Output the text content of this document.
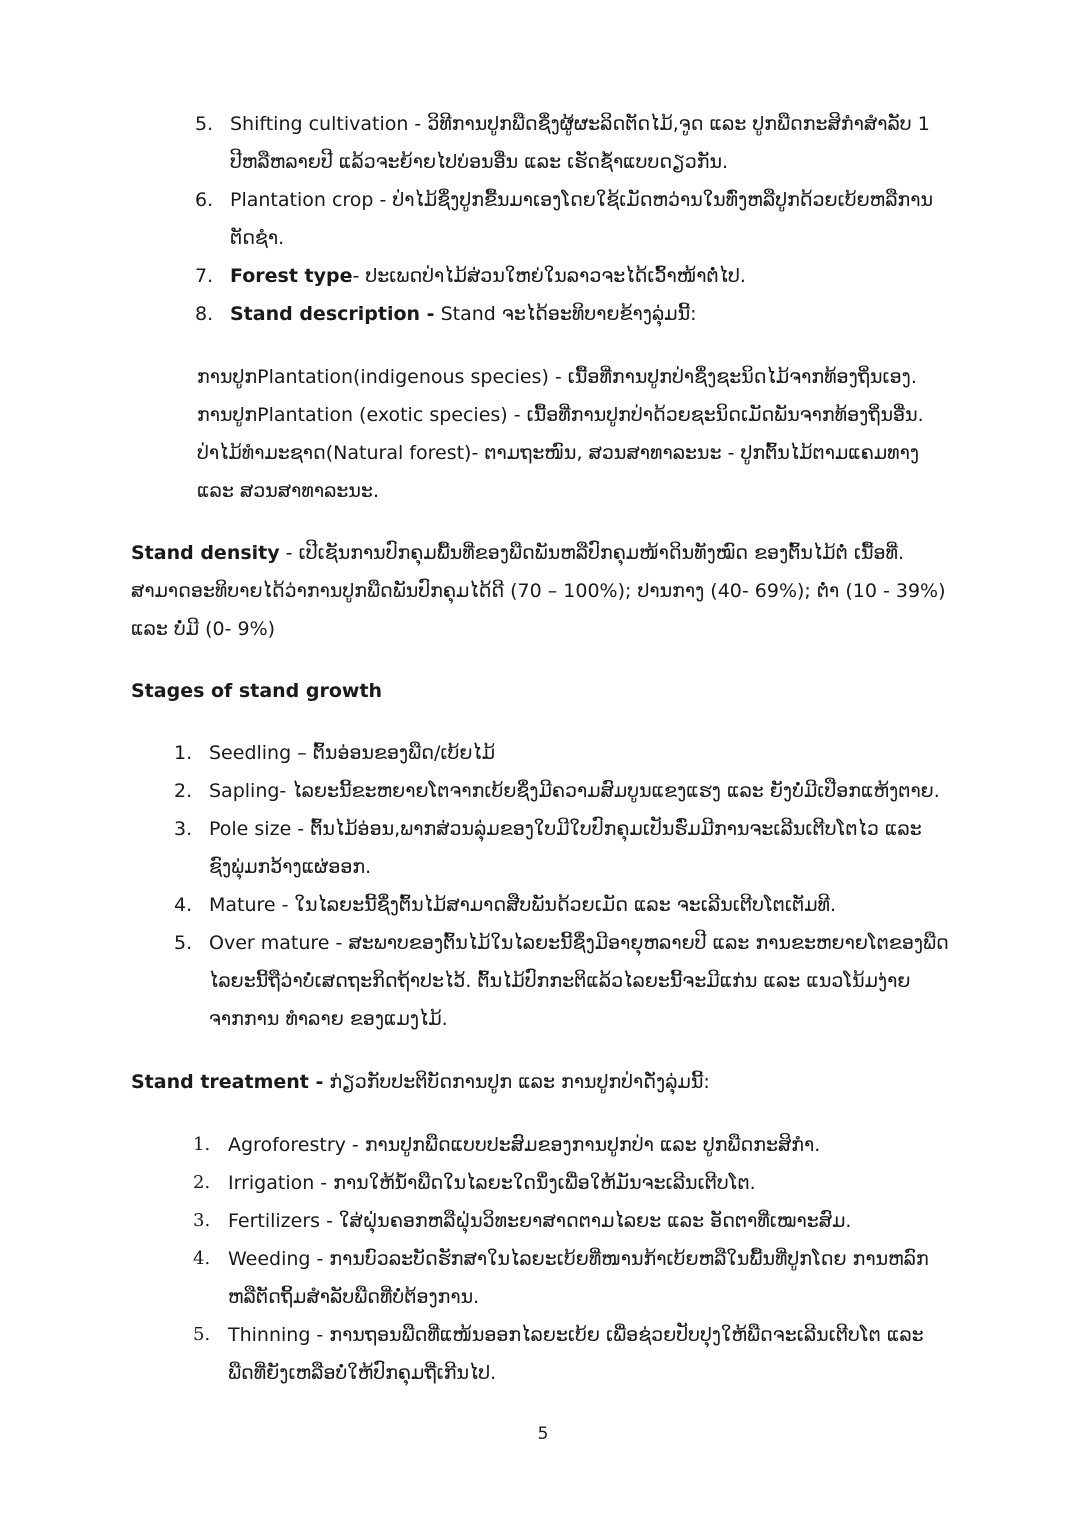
5. Shifting cultivation - ວິທີການປູກພືດຊຶ່ງຜູ້ຜະລິດຕັດໄມ້,ຈູດ ແລະ ປູກພືດກະສິກຳສຳລັບ 1
ປີຫລືຫລາຍປີ ແລ້ວຈະຍ້າຍໄປບ່ອນອື່ນ ແລະ ເຮັດຊ້ຳແບບດຽວກັນ.
6. Plantation crop - ປ່າໄມ້ຊຶ່ງປູກຂື້ນມາເອງໂດຍໃຊ້ເມັດຫວ່ານໃນທົ່ງຫລືປູກດ້ວຍເບ້ຍຫລືການ
ຕັດຊຳ.
7. Forest type- ປະເພດປ່າໄມ້ສ່ວນໃຫຍ່ໃນລາວຈະໄດ້ເວົ້າໜ້າຕໍ່ໄປ.
8. Stand description - Stand ຈະໄດ້ອະທິບາຍຂ້າງລຸ່ມນີ້:
ການປູກPlantation(indigenous species) - ເນື້ອທີ່ການປູກປ່າຊຶ່ງຊະນິດໄມ້ຈາກທ້ອງຖິ່ນເອງ.
ການປູກPlantation (exotic species) - ເນື້ອທີ່ການປູກປ່າດ້ວຍຊະນິດເມັດພັນຈາກທ້ອງຖິ່ນອື່ນ.
ປ່າໄມ້ທຳມະຊາດ(Natural forest)- ຕາມຖະໜົນ, ສວນສາທາລະນະ - ປູກຕົ້ນໄມ້ຕາມແຄມທາງ
ແລະ ສວນສາທາລະນະ.
Stand density - ເປີເຊັນການປົກຄຸມພື້ນທີ່ຂອງພືດພັນຫລືປົກຄຸມໜ້າດິນທັງໝົດ ຂອງຕົ້ນໄມ້ຕໍ່ ເນື້ອທີ່.
ສາມາດອະທິບາຍໄດ້ວ່າການປູກພືດພັນປົກຄຸມໄດ້ດີ (70 – 100%); ປານກາງ (40- 69%); ຕ່ຳ (10 - 39%)
ແລະ ບໍ່ມີ (0- 9%)
Stages of stand growth
1. Seedling – ຕົ້ນອ່ອນຂອງພືດ/ເບ້ຍໄມ້
2. Sapling- ໄລຍະນີ້ຂະຫຍາຍໂຕຈາກເບ້ຍຊຶ່ງມີຄວາມສົມບູນແຂງແຮງ ແລະ ຍັງບໍ່ມີເປືອກແຫ້ງຕາຍ.
3. Pole size - ຕົ້ນໄມ້ອ່ອນ,ພາກສ່ວນລຸ່ມຂອງໃບມີໃບປົກຄຸມເປັນຮົ່ມມີການຈະເລີນເຕີບໂຕໄວ ແລະ
ຊົງພຸ່ມກວ້າງແຜ່ອອກ.
4. Mature - ໃນໄລຍະນີ້ຊຶ່ງຕົ້ນໄມ້ສາມາດສືບພັນດ້ວຍເມັດ ແລະ ຈະເລີນເຕີບໂຕເຕັມທີ.
5. Over mature - ສະພາບຂອງຕົ້ນໄມ້ໃນໄລຍະນີ້ຊຶ່ງມີອາຍຸຫລາຍປີ ແລະ ການຂະຫຍາຍໂຕຂອງພືດ
ໄລຍະນີ້ຖືວ່າບໍ່ເສດຖະກິດຖ້າປະໄວ້. ຕົ້ນໄມ້ປົກກະຕິແລ້ວໄລຍະນີ້ຈະມີແກ່ນ ແລະ ແນວໂນ້ມງ່າຍ
ຈາກການ ທຳລາຍ ຂອງແມງໄມ້.
Stand treatment - ກ່ຽວກັບປະຕິບັດການປູກ ແລະ ການປູກປ່າດັ່ງລຸ່ມນີ້:
1. Agroforestry - ການປູກພືດແບບປະສົມຂອງການປູກປ່າ ແລະ ປູກພືດກະສິກຳ.
2. Irrigation - ການໃຫ້ນ້ຳພືດໃນໄລຍະໃດນຶ່ງເພື່ອໃຫ້ມັນຈະເລີນເຕີບໂຕ.
3. Fertilizers - ໃສ່ຝຸ່ນຄອກຫລືຝຸ່ນວິທະຍາສາດຕາມໄລຍະ ແລະ ອັດຕາທີ່ເໝາະສົມ.
4. Weeding - ການບົວລະບັດຮັກສາໃນໄລຍະເບ້ຍທີ່ໜານກ້າເບ້ຍຫລືໃນພື້ນທີ່ປູກໂດຍ ການຫລົກ
ຫລືຕັດຖິ້ມສຳລັບພືດທີ່ບໍ່ຕ້ອງການ.
5. Thinning - ການຖອນພືດທີ່ແໜ້ນອອກໄລຍະເບ້ຍ ເພື່ອຊ່ວຍປັບປຸງໃຫ້ພືດຈະເລີນເຕີບໂຕ ແລະ
ພືດທີ່ຍັງເຫລືອບໍ່ໃຫ້ປົກຄຸມຖີ່ເກີນໄປ.
5
